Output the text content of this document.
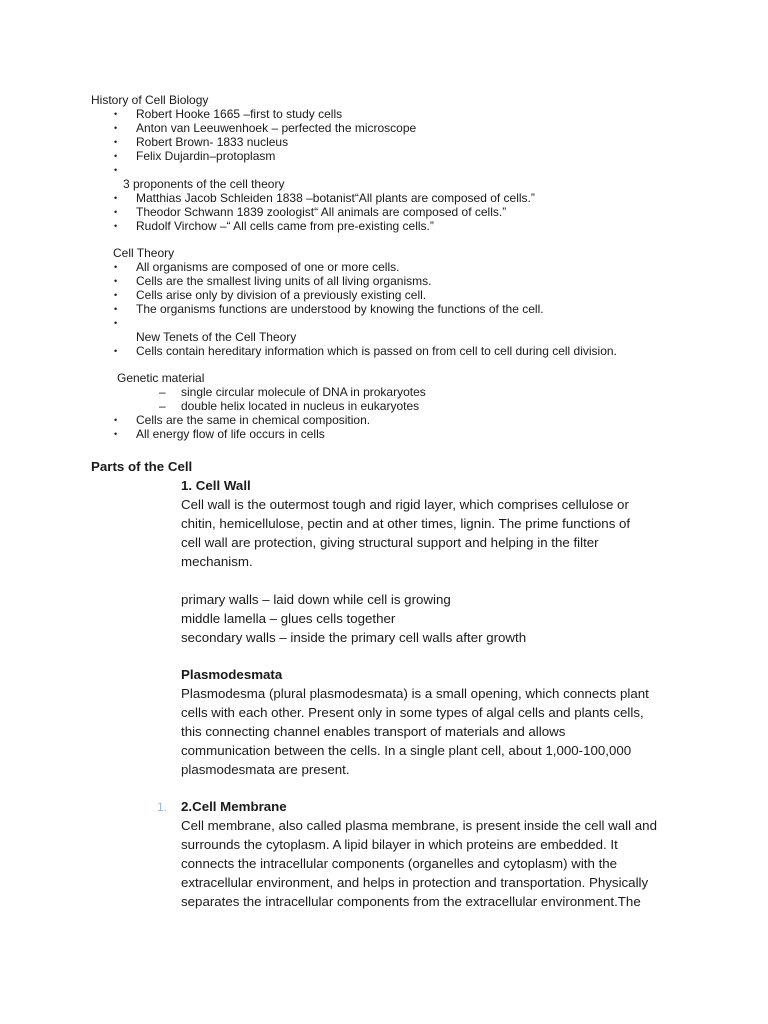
History of Cell Biology
• Robert Hooke 1665 –first to study cells
• Anton van Leeuwenhoek – perfected the microscope
• Robert Brown- 1833 nucleus
• Felix Dujardin–protoplasm
•
3 proponents of the cell theory
• Matthias Jacob Schleiden 1838 –botanist“All plants are composed of cells.”
• Theodor Schwann 1839 zoologist“ All animals are composed of cells.”
• Rudolf Virchow –“ All cells came from pre-existing cells.”
Cell Theory
• All organisms are composed of one or more cells.
• Cells are the smallest living units of all living organisms.
• Cells arise only by division of a previously existing cell.
• The organisms functions are understood by knowing the functions of the cell.
•
New Tenets of the Cell Theory
• Cells contain hereditary information which is passed on from cell to cell during cell division.
Genetic material
– single circular molecule of DNA in prokaryotes
– double helix located in nucleus in eukaryotes
• Cells are the same in chemical composition.
• All energy flow of life occurs in cells
Parts of the Cell
1. Cell Wall
Cell wall is the outermost tough and rigid layer, which comprises cellulose or
chitin, hemicellulose, pectin and at other times, lignin. The prime functions of
cell wall are protection, giving structural support and helping in the filter
mechanism.
primary walls – laid down while cell is growing
middle lamella – glues cells together
secondary walls – inside the primary cell walls after growth
Plasmodesmata
Plasmodesma (plural plasmodesmata) is a small opening, which connects plant
cells with each other. Present only in some types of algal cells and plants cells,
this connecting channel enables transport of materials and allows
communication between the cells. In a single plant cell, about 1,000-100,000
plasmodesmata are present.
1. 2.Cell Membrane
Cell membrane, also called plasma membrane, is present inside the cell wall and
surrounds the cytoplasm. A lipid bilayer in which proteins are embedded. It
connects the intracellular components (organelles and cytoplasm) with the
extracellular environment, and helps in protection and transportation. Physically
separates the intracellular components from the extracellular environment.The
